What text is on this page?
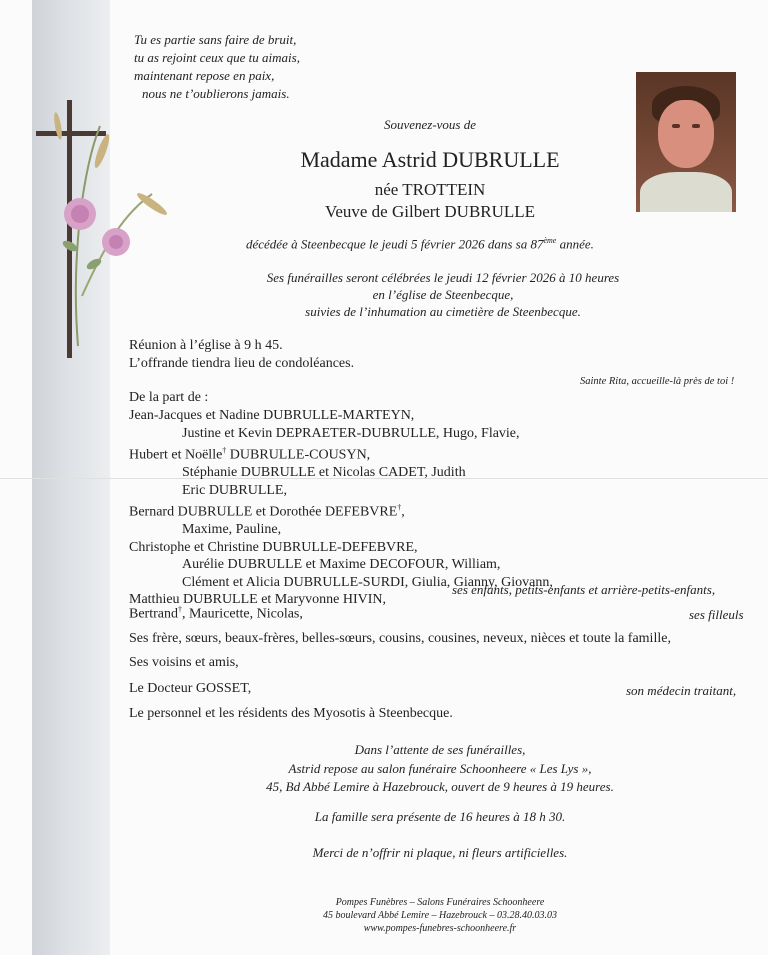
Tu es partie sans faire de bruit,
tu as rejoint ceux que tu aimais,
maintenant repose en paix,
nous ne t’oublierons jamais.
Souvenez-vous de
Madame Astrid DUBRULLE
née TROTTEIN
Veuve de Gilbert DUBRULLE
décédée à Steenbecque le jeudi 5 février 2026 dans sa 87ème année.
Ses funérailles seront célébrées le jeudi 12 février 2026 à 10 heures
en l’église de Steenbecque,
suivies de l’inhumation au cimetière de Steenbecque.
Réunion à l’église à 9 h 45.
L’offrande tiendra lieu de condoléances.
Sainte Rita, accueille-là près de toi !
De la part de :
Jean-Jacques et Nadine DUBRULLE-MARTEYN,
Justine et Kevin DEPRAETER-DUBRULLE, Hugo, Flavie,
Hubert et Noëlle† DUBRULLE-COUSYN,
Stéphanie DUBRULLE et Nicolas CADET, Judith
Eric DUBRULLE,
Bernard DUBRULLE et Dorothée DEFEBVRE†,
Maxime, Pauline,
Christophe et Christine DUBRULLE-DEFEBVRE,
Aurélie DUBRULLE et Maxime DECOFOUR, William,
Clément et Alicia DUBRULLE-SURDI, Giulia, Gianny, Giovann,
Matthieu DUBRULLE et Maryvonne HIVIN,
ses enfants, petits-enfants et arrière-petits-enfants,
Bertrand†, Mauricette, Nicolas,	ses filleuls
Ses frère, sœurs, beaux-frères, belles-sœurs, cousins, cousines, neveux, nièces et toute la famille,
Ses voisins et amis,
Le Docteur GOSSET,	son médecin traitant,
Le personnel et les résidents des Myosotis à Steenbecque.
Dans l’attente de ses funérailles,
Astrid repose au salon funéraire Schoonheere « Les Lys »,
45, Bd Abbé Lemire à Hazebrouck, ouvert de 9 heures à 19 heures.
La famille sera présente de 16 heures à 18 h 30.
Merci de n’offrir ni plaque, ni fleurs artificielles.
Pompes Funèbres – Salons Funéraires Schoonheere
45 boulevard Abbé Lemire – Hazebrouck – 03.28.40.03.03
www.pompes-funebres-schoonheere.fr
